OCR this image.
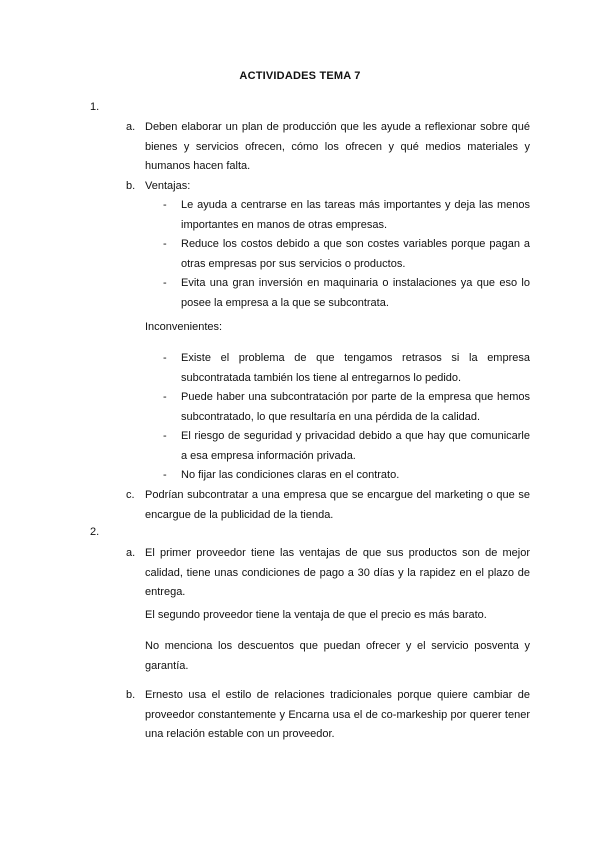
ACTIVIDADES TEMA 7
1.
a. Deben elaborar un plan de producción que les ayude a reflexionar sobre qué bienes y servicios ofrecen, cómo los ofrecen y qué medios materiales y humanos hacen falta.
b. Ventajas:
- Le ayuda a centrarse en las tareas más importantes y deja las menos importantes en manos de otras empresas.
- Reduce los costos debido a que son costes variables porque pagan a otras empresas por sus servicios o productos.
- Evita una gran inversión en maquinaria o instalaciones ya que eso lo posee la empresa a la que se subcontrata.
Inconvenientes:
- Existe el problema de que tengamos retrasos si la empresa subcontratada también los tiene al entregarnos lo pedido.
- Puede haber una subcontratación por parte de la empresa que hemos subcontratado, lo que resultaría en una pérdida de la calidad.
- El riesgo de seguridad y privacidad debido a que hay que comunicarle a esa empresa información privada.
- No fijar las condiciones claras en el contrato.
c. Podrían subcontratar a una empresa que se encargue del marketing o que se encargue de la publicidad de la tienda.
2.
a. El primer proveedor tiene las ventajas de que sus productos son de mejor calidad, tiene unas condiciones de pago a 30 días y la rapidez en el plazo de entrega.
El segundo proveedor tiene la ventaja de que el precio es más barato.
No menciona los descuentos que puedan ofrecer y el servicio posventa y garantía.
b. Ernesto usa el estilo de relaciones tradicionales porque quiere cambiar de proveedor constantemente y Encarna usa el de co-markeship por querer tener una relación estable con un proveedor.
